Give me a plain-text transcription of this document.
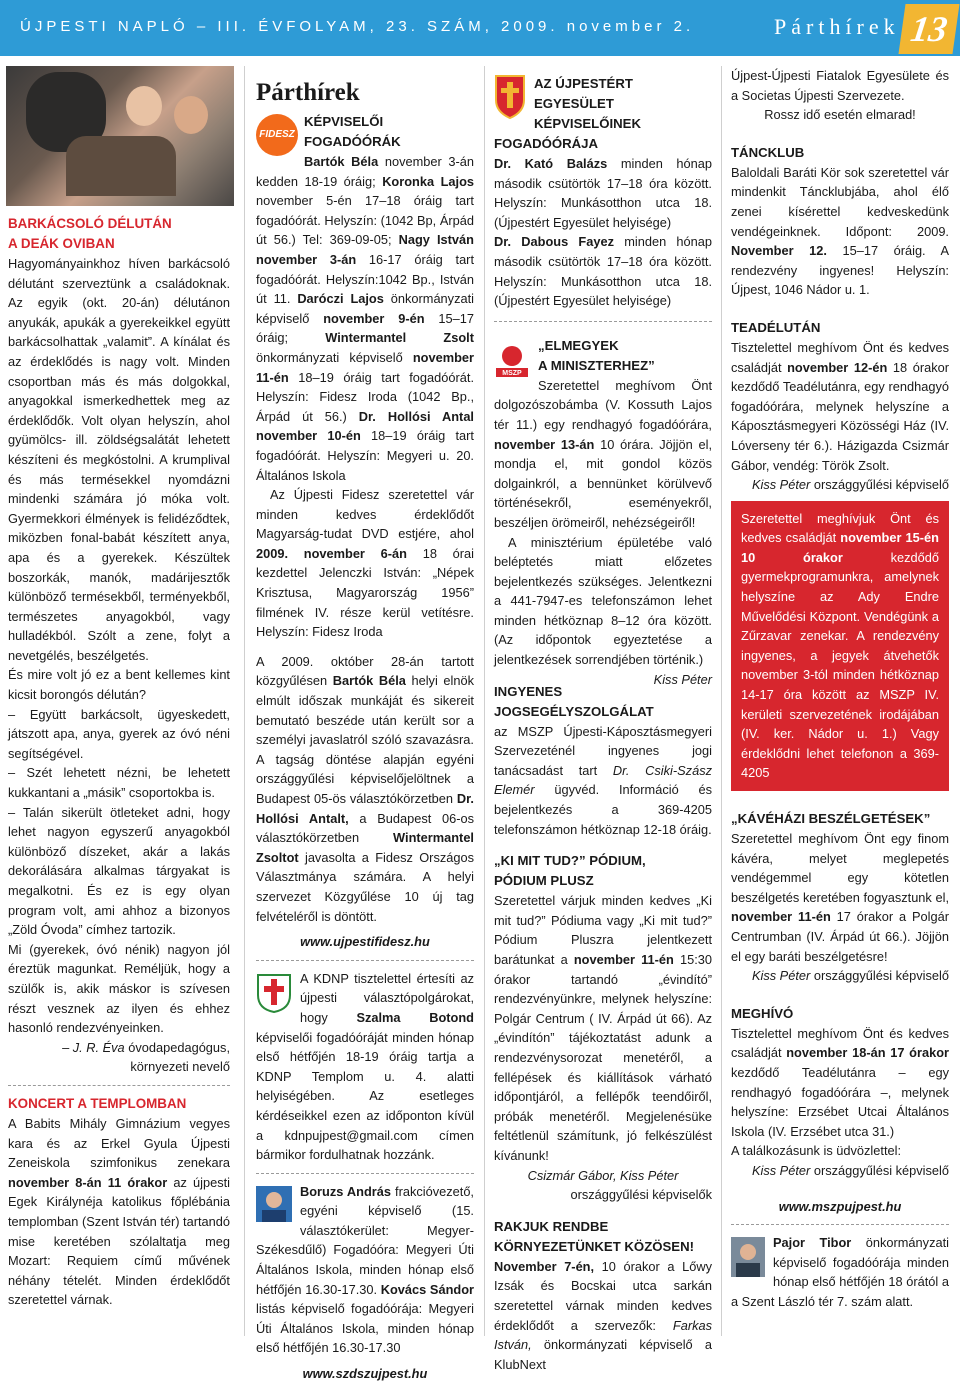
ÚJPESTI NAPLÓ – III. ÉVFOLYAM, 23. SZÁM, 2009. november 2.	Párthírek 13
BARKÁCSOLÓ DÉLUTÁN
A DEÁK OVIBAN

Hagyományainkhoz híven barkácsoló délutánt szerveztünk a családoknak. Az egyik (okt. 20-án) délutánon anyukák, apukák a gyerekeikkel együtt barkácsolhattak „valamit”. A kínálat és az érdeklődés is nagy volt. Minden csoportban más és más dolgokkal, anyagokkal ismerkedhettek meg az érdeklődők. Volt olyan helyszín, ahol gyümölcs- ill. zöldségsalátát lehetett készíteni és megkóstolni. A krumplival és más termésekkel nyomdázni mindenki számára jó móka volt. Gyermekkori élmények is felidéződtek, miközben fonal-babát készített anya, apa és a gyerekek. Készültek boszorkák, manók, madárijesztők különböző termésekből, terményekből, természetes anyagokból, vagy hulladékból. Szólt a zene, folyt a nevetgélés, beszélgetés.

És mire volt jó ez a bent kellemes kint kicsit borongós délután?

– Együtt barkácsolt, ügyeskedett, játszott apa, anya, gyerek az óvó néni segítségével.

– Szét lehetett nézni, be lehetett kukkantani a „másik” csoportokba is.

– Talán sikerült ötleteket adni, hogy lehet nagyon egyszerű anyagokból különböző díszeket, akár a lakás dekorálására alkalmas tárgyakat is megalkotni. És ez is egy olyan program volt, ami ahhoz a bizonyos „Zöld Óvoda” címhez tartozik.

Mi (gyerekek, óvó nénik) nagyon jól éreztük magunkat. Reméljük, hogy a szülők is, akik máskor is szívesen részt vesznek az ilyen és ehhez hasonló rendezvényeinken.

– J. R. Éva óvodapedagógus, környezeti nevelő

KONCERT A TEMPLOMBAN

A Babits Mihály Gimnázium vegyes kara és az Erkel Gyula Újpesti Zeneiskola szimfonikus zenekara november 8-án 11 órakor az újpesti Egek Királynéja katolikus főplébánia templomban (Szent István tér) tartandó mise keretében szólaltatja meg Mozart: Requiem című művének néhány tételét. Minden érdeklődőt szeretettel várnak.

Párthírek
FIDESZ
KÉPVISELŐI
FOGADÓÓRÁK

Bartók Béla november 3-án kedden 18-19 óráig; Koronka Lajos november 5-én 17–18 óráig tart fogadóórát. Helyszín: (1042 Bp, Árpád út 56.) Tel: 369-09-05; Nagy István november 3-án 16-17 óráig tart fogadóórát. Helyszín:1042 Bp., István út 11. Daróczi Lajos önkormányzati képviselő november 9-én 15–17 óráig; Wintermantel Zsolt önkormányzati képviselő november 11-én 18–19 óráig tart fogadóórát. Helyszín: Fidesz Iroda (1042 Bp., Árpád út 56.) Dr. Hollósi Antal november 10-én 18–19 óráig tart fogadóórát. Helyszín: Megyeri u. 20. Általános Iskola

Az Újpesti Fidesz szeretettel vár minden kedves érdeklődőt Magyarság-tudat DVD estjére, ahol 2009. november 6-án 18 órai kezdettel Jelenczki István: „Népek Krisztusa, Magyarország 1956” filmének IV. része kerül vetítésre. Helyszín: Fidesz Iroda

A 2009. október 28-án tartott közgyűlésen Bartók Béla helyi elnök elmúlt időszak munkáját és sikereit bemutató beszéde után került sor a személyi javaslatról szóló szavazásra. A tagság döntése alapján egyéni országgyűlési képviselőjelöltnek a Budapest 05-ös választókörzetben Dr. Hollósi Antalt, a Budapest 06-os választókörzetben Wintermantel Zsoltot javasolta a Fidesz Országos Választmánya számára. A helyi szervezet Közgyűlése 10 új tag felvételéről is döntött.

www.ujpestifidesz.hu

A KDNP tisztelettel értesíti az újpesti választópolgárokat, hogy Szalma Botond képviselői fogadóóráját minden hónap első hétfőjén 18-19 óráig tartja a KDNP Templom u. 4. alatti helyiségében. Az esetleges kérdéseikkel ezen az időponton kívül a kdnpujpest@gmail.com címen bármikor fordulhatnak hozzánk.

Boruzs András frakcióvezető, egyéni képviselő (15. választókerület: Megyer-Székesdűlő) Fogadóóra: Megyeri Úti Általános Iskola, minden hónap első hétfőjén 16.30-17.30. Kovács Sándor listás képviselő fogadóórája: Megyeri Úti Általános Iskola, minden hónap első hétfőjén 16.30-17.30

www.szdszujpest.hu

AZ ÚJPESTÉRT EGYESÜLET
KÉPVISELŐINEK
FOGADÓÓRÁJA

Dr. Kató Balázs minden hónap második csütörtök 17–18 óra között. Helyszín: Munkásotthon utca 18. (Újpestért Egyesület helyisége)

Dr. Dabous Fayez minden hónap második csütörtök 17–18 óra között. Helyszín: Munkásotthon utca 18. (Újpestért Egyesület helyisége)

MSZP
„ELMEGYEK
A MINISZTERHEZ”

Szeretettel meghívom Önt dolgozószobámba (V. Kossuth Lajos tér 11.) egy rendhagyó fogadóórára, november 13-án 10 órára. Jöjjön el, mondja el, mit gondol közös dolgainkról, a bennünket körülvevő történésekről, eseményekről, beszéljen örömeiről, nehézségeiről!

A minisztérium épületébe való beléptetés miatt előzetes bejelentkezés szükséges. Jelentkezni a 441-7947-es telefonszámon lehet minden hétköznap 8–12 óra között. (Az időpontok egyeztetése a jelentkezések sorrendjében történik.)
Kiss Péter

INGYENES JOGSEGÉLYSZOLGÁLAT

az MSZP Újpesti-Káposztásmegyeri Szervezeténél ingyenes jogi tanácsadást tart Dr. Csiki-Szász Elemér ügyvéd. Információ és bejelentkezés a 369-4205 telefonszámon hétköznap 12-18 óráig.

„KI MIT TUD?” PÓDIUM,
PÓDIUM PLUSZ

Szeretettel várjuk minden kedves „Ki mit tud?” Pódiuma vagy „Ki mit tud?” Pódium Pluszra jelentkezett barátunkat a november 11-én 15:30 órakor tartandó „évindító” rendezvényünkre, melynek helyszíne: Polgár Centrum ( IV. Árpád út 66). Az „évindítón” tájékoztatást adunk a rendezvénysorozat menetéről, a fellépések és kiállítások várható időpontjáról, a fellépők teendőiről, próbák menetéről. Megjelenésüke feltétlenül számítunk, jó felkészülést kívánunk!

Csizmár Gábor, Kiss Péter

országgyűlési képviselők

RAKJUK RENDBE
KÖRNYEZETÜNKET KÖZÖSEN!

November 7-én, 10 órakor a Lőwy Izsák és Bocskai utca sarkán szeretettel várnak minden kedves érdeklődőt a szervezők: Farkas István, önkormányzati képviselő a KlubNext

Újpest-Újpesti Fiatalok Egyesülete és a Societas Újpesti Szervezete.

Rossz idő esetén elmarad!

TÁNCKLUB

Baloldali Baráti Kör sok szeretettel vár mindenkit Táncklubjába, ahol élő zenei kísérettel kedveskedünk vendégeinknek. Időpont: 2009. November 12. 15–17 óráig. A rendezvény ingyenes! Helyszín: Újpest, 1046 Nádor u. 1.

TEADÉLUTÁN

Tisztelettel meghívom Önt és kedves családját november 12-én 18 órakor kezdődő Teadélutánra, egy rendhagyó fogadóórára, melynek helyszíne a Káposztásmegyeri Közösségi Ház (IV. Lóverseny tér 6.). Házigazda Csizmár Gábor, vendég: Török Zsolt.

Kiss Péter országgyűlési képviselő

Szeretettel meghívjuk Önt és kedves családját november 15-én 10 órakor kezdődő gyermekprogramunkra, amelynek helyszíne az Ady Endre Művelődési Központ. Vendégünk a Zűrzavar zenekar. A rendezvény ingyenes, a jegyek átvehetők november 3-tól minden hétköznap 14-17 óra között az MSZP IV. kerületi szervezetének irodájában (IV. ker. Nádor u. 1.) Vagy érdeklődni lehet telefonon a 369-4205

„KÁVÉHÁZI BESZÉLGETÉSEK”

Szeretettel meghívom Önt egy finom kávéra, melyet meglepetés vendégemmel egy kötetlen beszélgetés keretében fogyasztunk el, november 11-én 17 órakor a Polgár Centrumban (IV. Árpád út 66.). Jöjjön el egy baráti beszélgetésre!

Kiss Péter országgyűlési képviselő

MEGHÍVÓ

Tisztelettel meghívom Önt és kedves családját november 18-án 17 órakor kezdődő Teadélutánra – egy rendhagyó fogadóórára –, melynek helyszíne: Erzsébet Utcai Általános Iskola (IV. Erzsébet utca 31.)

A találkozásunk is üdvözlettel:

Kiss Péter országgyűlési képviselő

www.mszpujpest.hu

Pajor Tibor önkormányzati képviselő fogadóórája minden hónap első hétfőjén 18 órától a a Szent László tér 7. szám alatt.
